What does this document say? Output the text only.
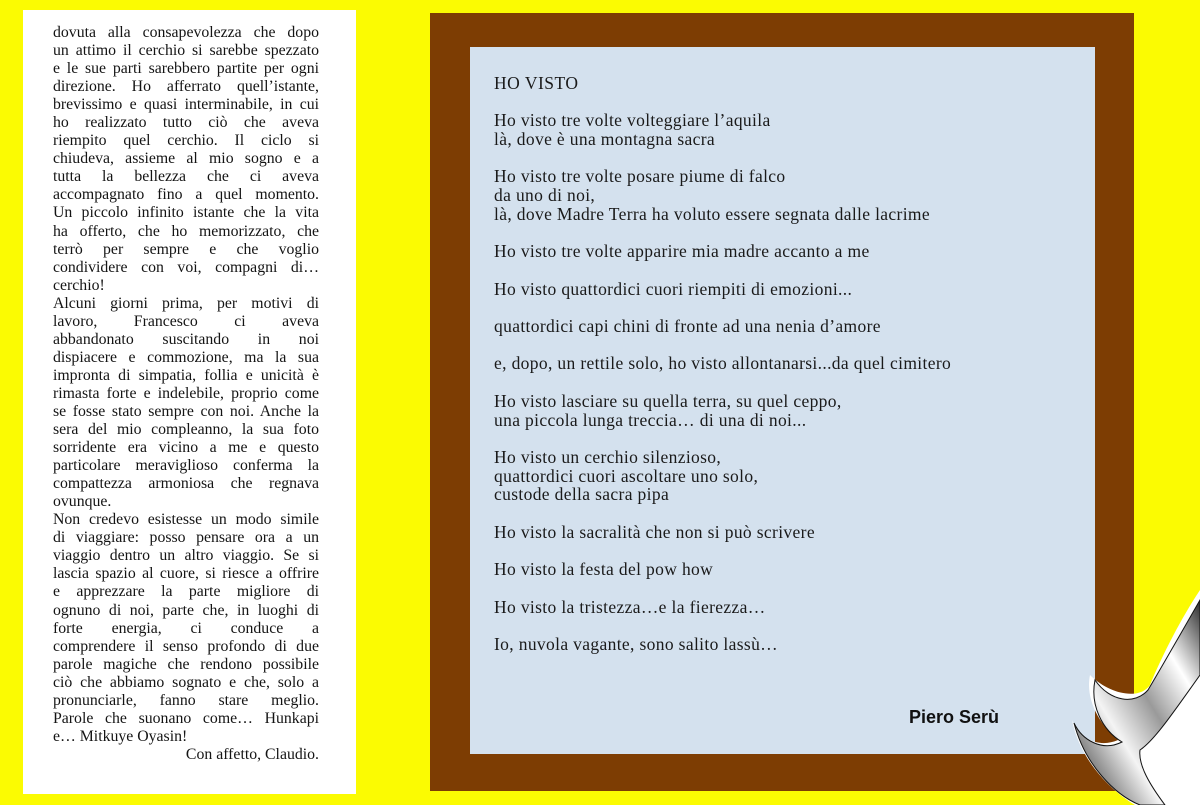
dovuta alla consapevolezza che dopo
un attimo il cerchio si sarebbe spezzato
e le sue parti sarebbero partite per ogni
direzione. Ho afferrato quell’istante,
brevissimo e quasi interminabile, in cui
ho realizzato tutto ciò che aveva
riempito quel cerchio. Il ciclo si
chiudeva, assieme al mio sogno e a
tutta la bellezza che ci aveva
accompagnato fino a quel momento.
Un piccolo infinito istante che la vita
ha offerto, che ho memorizzato, che
terrò per sempre e che voglio
condividere con voi, compagni di…
cerchio!
Alcuni giorni prima, per motivi di
lavoro, Francesco ci aveva
abbandonato suscitando in noi
dispiacere e commozione, ma la sua
impronta di simpatia, follia e unicità è
rimasta forte e indelebile, proprio come
se fosse stato sempre con noi. Anche la
sera del mio compleanno, la sua foto
sorridente era vicino a me e questo
particolare meraviglioso conferma la
compattezza armoniosa che regnava
ovunque.
Non credevo esistesse un modo simile
di viaggiare: posso pensare ora a un
viaggio dentro un altro viaggio. Se si
lascia spazio al cuore, si riesce a offrire
e apprezzare la parte migliore di
ognuno di noi, parte che, in luoghi di
forte energia, ci conduce a
comprendere il senso profondo di due
parole magiche che rendono possibile
ciò che abbiamo sognato e che, solo a
pronunciarle, fanno stare meglio.
Parole che suonano come… Hunkapi
e… Mitkuye Oyasin!
Con affetto, Claudio.
HO VISTO
Ho visto tre volte volteggiare l’aquila
là, dove è una montagna sacra
Ho visto tre volte posare piume di falco
da uno di noi,
là, dove Madre Terra ha voluto essere segnata dalle lacrime
Ho visto tre volte apparire mia madre accanto a me
Ho visto quattordici cuori riempiti di emozioni...
quattordici capi chini di fronte ad una nenia d’amore
e, dopo, un rettile solo, ho visto allontanarsi...da quel cimitero
Ho visto lasciare su quella terra, su quel ceppo,
una piccola lunga treccia… di una di noi...
Ho visto un cerchio silenzioso,
quattordici cuori ascoltare uno solo,
custode della sacra pipa
Ho visto la sacralità che non si può scrivere
Ho visto la festa del pow how
Ho visto la tristezza…e la fierezza…
Io, nuvola vagante, sono salito lassù…
Piero Serù
